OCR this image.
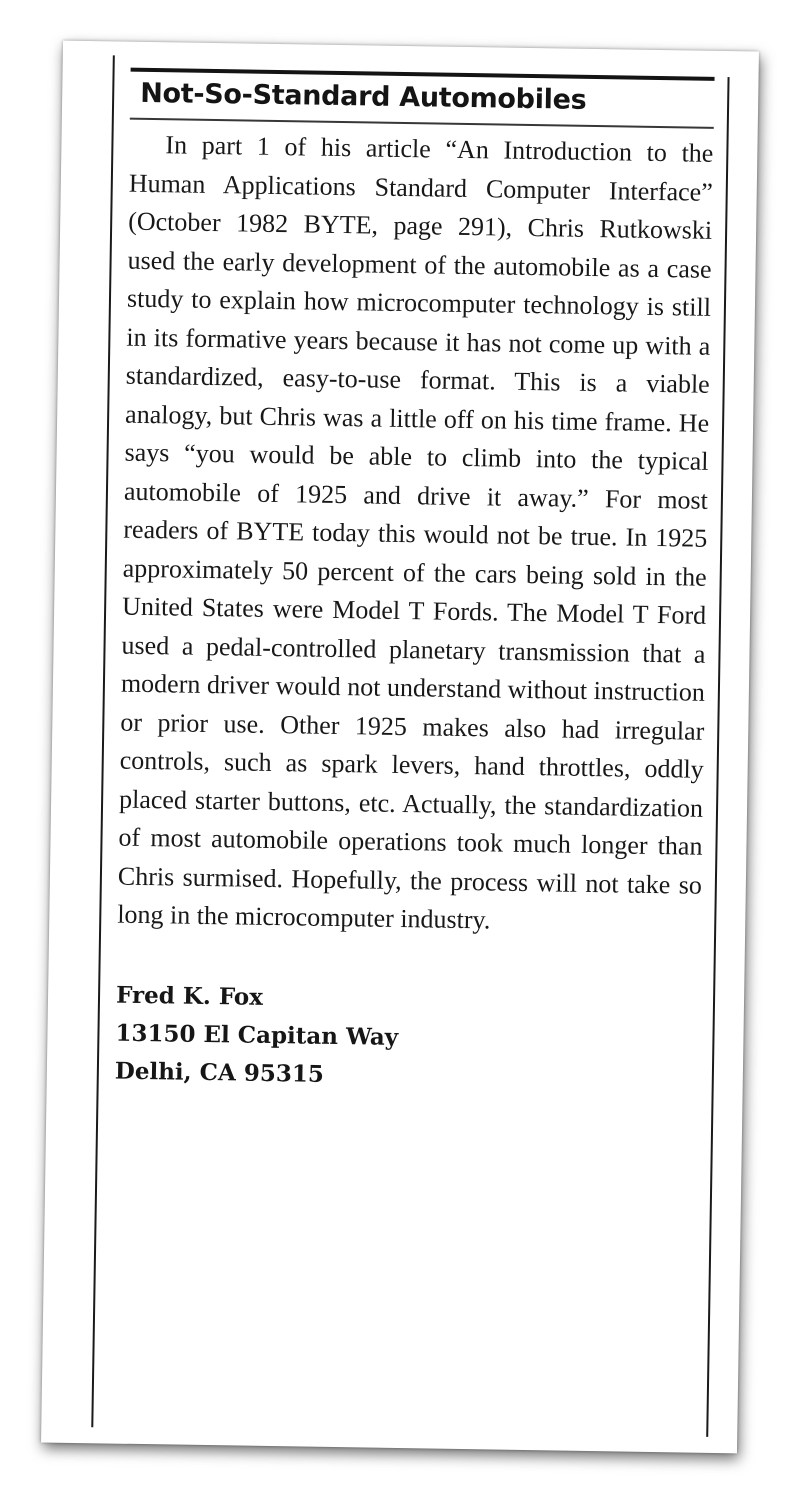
Not-So-Standard Automobiles

In part 1 of his article “An Introduction to the Human Applications Standard Computer Interface” (October 1982 BYTE, page 291), Chris Rutkowski used the early development of the automobile as a case study to explain how microcomputer technology is still in its formative years because it has not come up with a standardized, easy-to-use format. This is a viable analogy, but Chris was a little off on his time frame. He says “you would be able to climb into the typical automobile of 1925 and drive it away.” For most readers of BYTE today this would not be true. In 1925 approximately 50 percent of the cars being sold in the United States were Model T Fords. The Model T Ford used a pedal-controlled planetary transmission that a modern driver would not understand without instruction or prior use. Other 1925 makes also had irregular controls, such as spark levers, hand throttles, oddly placed starter buttons, etc. Actually, the standardization of most automobile operations took much longer than Chris surmised. Hopefully, the process will not take so long in the microcomputer industry.

Fred K. Fox
13150 El Capitan Way
Delhi, CA 95315
